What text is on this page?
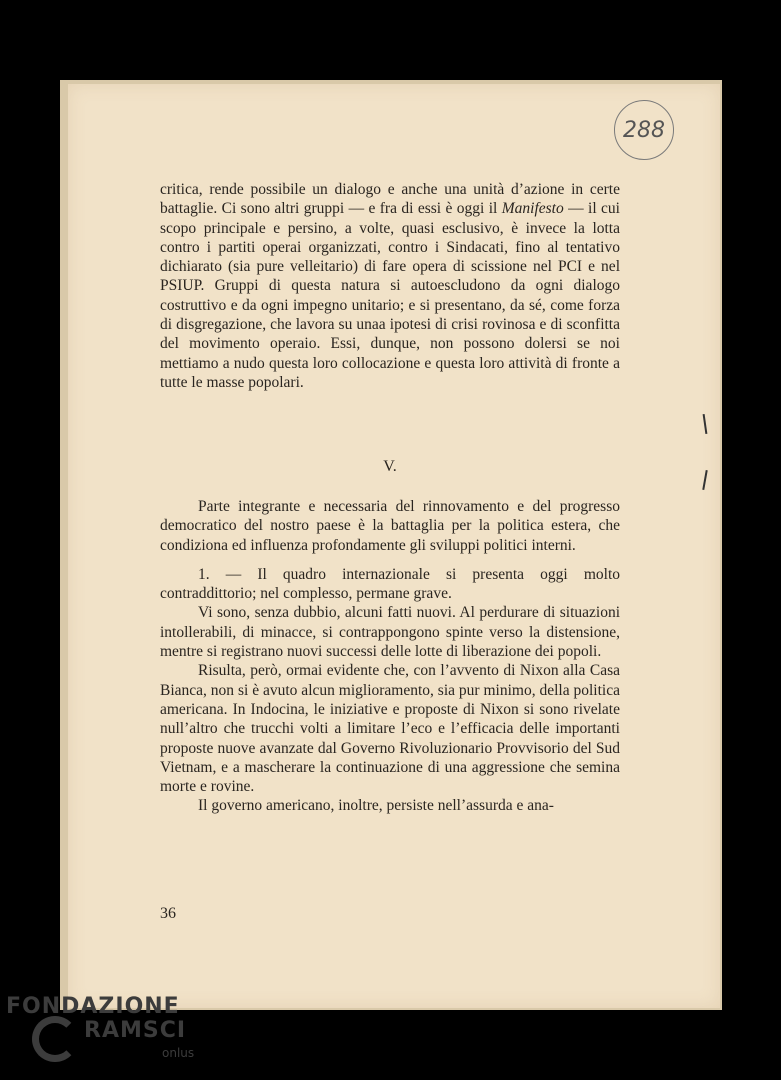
288

critica, rende possibile un dialogo e anche una unità d’azione in certe battaglie. Ci sono altri gruppi — e fra di essi è oggi il Manifesto — il cui scopo principale e persino, a volte, quasi esclusivo, è invece la lotta contro i partiti operai organizzati, contro i Sindacati, fino al tentativo dichiarato (sia pure velleitario) di fare opera di scissione nel PCI e nel PSIUP. Gruppi di questa natura si autoescludono da ogni dialogo costruttivo e da ogni impegno unitario; e si presentano, da sé, come forza di disgregazione, che lavora su unaa ipotesi di crisi rovinosa e di sconfitta del movimento operaio. Essi, dunque, non possono dolersi se noi mettiamo a nudo questa loro collocazione e questa loro attività di fronte a tutte le masse popolari.

V.

Parte integrante e necessaria del rinnovamento e del progresso democratico del nostro paese è la battaglia per la politica estera, che condiziona ed influenza profondamente gli sviluppi politici interni.

1. — Il quadro internazionale si presenta oggi molto contraddittorio; nel complesso, permane grave.

Vi sono, senza dubbio, alcuni fatti nuovi. Al perdurare di situazioni intollerabili, di minacce, si contrappongono spinte verso la distensione, mentre si registrano nuovi successi delle lotte di liberazione dei popoli.

Risulta, però, ormai evidente che, con l’avvento di Nixon alla Casa Bianca, non si è avuto alcun miglioramento, sia pur minimo, della politica americana. In Indocina, le iniziative e proposte di Nixon si sono rivelate null’altro che trucchi volti a limitare l’eco e l’efficacia delle importanti proposte nuove avanzate dal Governo Rivoluzionario Provvisorio del Sud Vietnam, e a mascherare la continuazione di una aggressione che semina morte e rovine.

Il governo americano, inoltre, persiste nell’assurda e ana-

36
FONDAZIONE
RAMSCI
onlus
